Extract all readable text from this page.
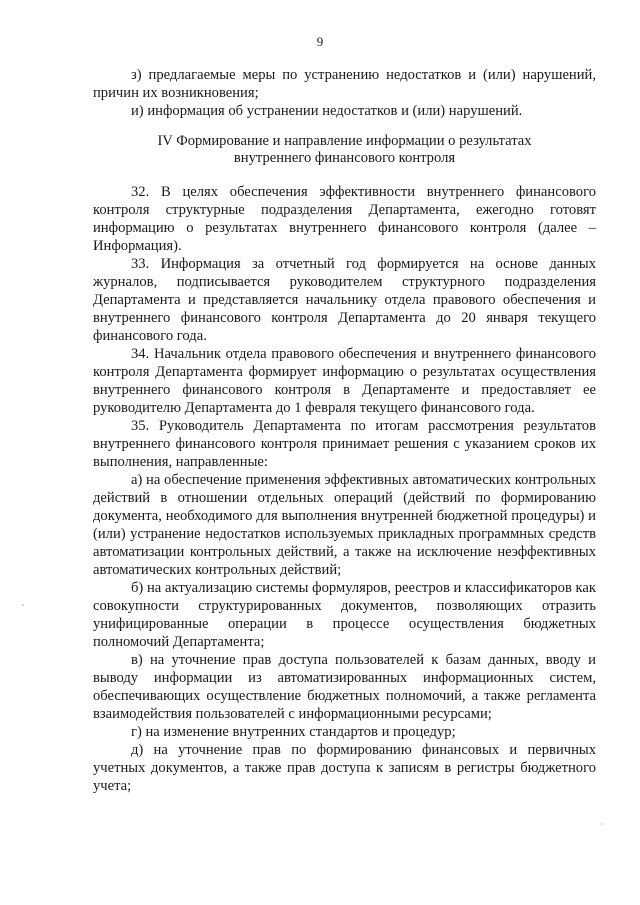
9

з) предлагаемые меры по устранению недостатков и (или) нарушений, причин их возникновения;

и) информация об устранении недостатков и (или) нарушений.

IV Формирование и направление информации о результатах
внутреннего финансового контроля

32. В целях обеспечения эффективности внутреннего финансового контроля структурные подразделения Департамента, ежегодно готовят информацию о результатах внутреннего финансового контроля (далее – Информация).

33. Информация за отчетный год формируется на основе данных журналов, подписывается руководителем структурного подразделения Департамента и представляется начальнику отдела правового обеспечения и внутреннего финансового контроля Департамента до 20 января текущего финансового года.

34. Начальник отдела правового обеспечения и внутреннего финансового контроля Департамента формирует информацию о результатах осуществления внутреннего финансового контроля в Департаменте и предоставляет ее руководителю Департамента до 1 февраля текущего финансового года.

35. Руководитель Департамента по итогам рассмотрения результатов внутреннего финансового контроля принимает решения с указанием сроков их выполнения, направленные:

а) на обеспечение применения эффективных автоматических контрольных действий в отношении отдельных операций (действий по формированию документа, необходимого для выполнения внутренней бюджетной процедуры) и (или) устранение недостатков используемых прикладных программных средств автоматизации контрольных действий, а также на исключение неэффективных автоматических контрольных действий;

б) на актуализацию системы формуляров, реестров и классификаторов как совокупности структурированных документов, позволяющих отразить унифицированные операции в процессе осуществления бюджетных полномочий Департамента;

в) на уточнение прав доступа пользователей к базам данных, вводу и выводу информации из автоматизированных информационных систем, обеспечивающих осуществление бюджетных полномочий, а также регламента взаимодействия пользователей с информационными ресурсами;

г) на изменение внутренних стандартов и процедур;

д) на уточнение прав по формированию финансовых и первичных учетных документов, а также прав доступа к записям в регистры бюджетного учета;
